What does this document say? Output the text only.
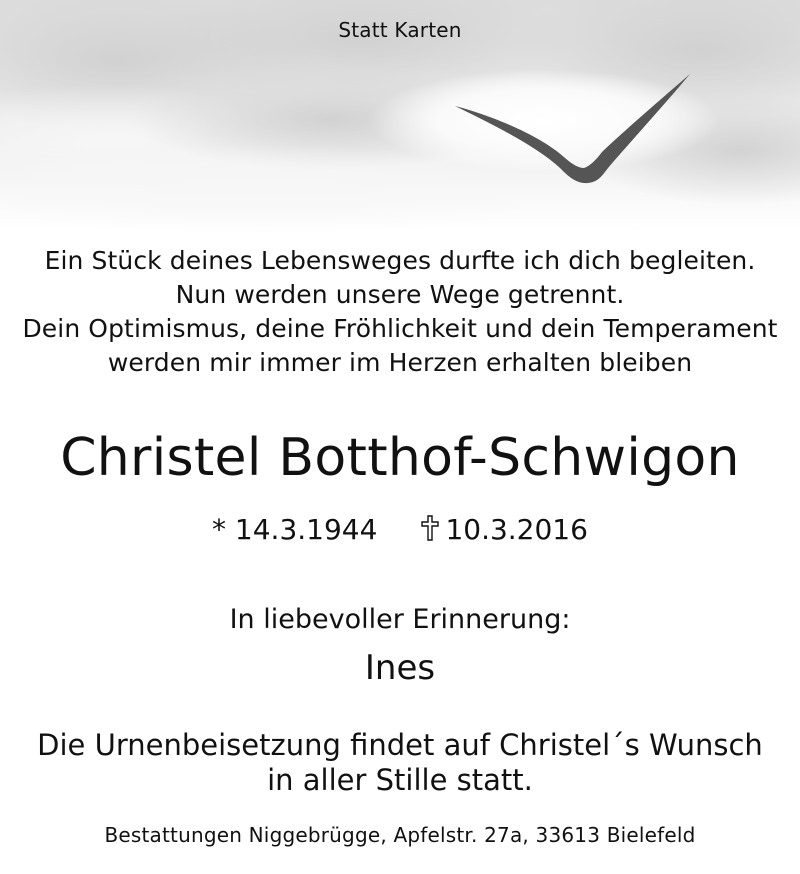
Statt Karten
Ein Stück deines Lebensweges durfte ich dich begleiten.
Nun werden unsere Wege getrennt.
Dein Optimismus, deine Fröhlichkeit und dein Temperament
werden mir immer im Herzen erhalten bleiben
Christel Botthof-Schwigon
* 14.3.1944 10.3.2016
In liebevoller Erinnerung:
Ines
Die Urnenbeisetzung findet auf Christel´s Wunsch
in aller Stille statt.
Bestattungen Niggebrügge, Apfelstr. 27a, 33613 Bielefeld
